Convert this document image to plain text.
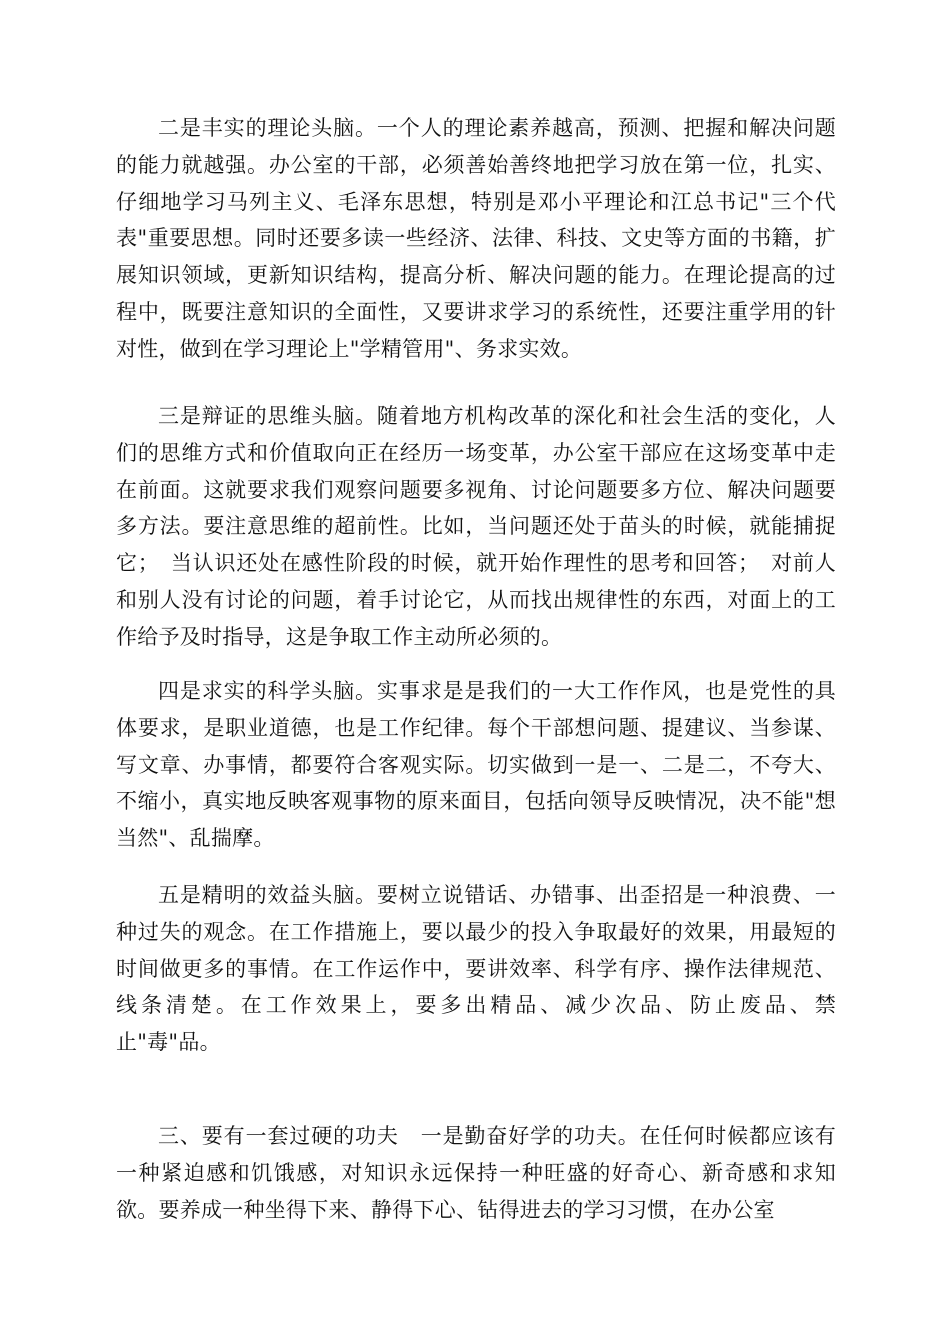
二是丰实的理论头脑。一个人的理论素养越高，预测、把握和解决问题的能力就越强。办公室的干部，必须善始善终地把学习放在第一位，扎实、仔细地学习马列主义、毛泽东思想，特别是邓小平理论和江总书记"三个代表"重要思想。同时还要多读一些经济、法律、科技、文史等方面的书籍，扩展知识领域，更新知识结构，提高分析、解决问题的能力。在理论提高的过程中，既要注意知识的全面性，又要讲求学习的系统性，还要注重学用的针对性，做到在学习理论上"学精管用"、务求实效。

三是辩证的思维头脑。随着地方机构改革的深化和社会生活的变化，人们的思维方式和价值取向正在经历一场变革，办公室干部应在这场变革中走在前面。这就要求我们观察问题要多视角、讨论问题要多方位、解决问题要多方法。要注意思维的超前性。比如，当问题还处于苗头的时候，就能捕捉它；　当认识还处在感性阶段的时候，就开始作理性的思考和回答；　对前人和别人没有讨论的问题，着手讨论它，从而找出规律性的东西，对面上的工作给予及时指导，这是争取工作主动所必须的。

四是求实的科学头脑。实事求是是我们的一大工作作风，也是党性的具体要求，是职业道德，也是工作纪律。每个干部想问题、提建议、当参谋、写文章、办事情，都要符合客观实际。切实做到一是一、二是二，不夸大、不缩小，真实地反映客观事物的原来面目，包括向领导反映情况，决不能"想当然"、乱揣摩。

五是精明的效益头脑。要树立说错话、办错事、出歪招是一种浪费、一种过失的观念。在工作措施上，要以最少的投入争取最好的效果，用最短的时间做更多的事情。在工作运作中，要讲效率、科学有序、操作法律规范、线条清楚。在工作效果上，要多出精品、减少次品、防止废品、禁止"毒"品。

三、要有一套过硬的功夫　一是勤奋好学的功夫。在任何时候都应该有一种紧迫感和饥饿感，对知识永远保持一种旺盛的好奇心、新奇感和求知欲。要养成一种坐得下来、静得下心、钻得进去的学习习惯，在办公室
